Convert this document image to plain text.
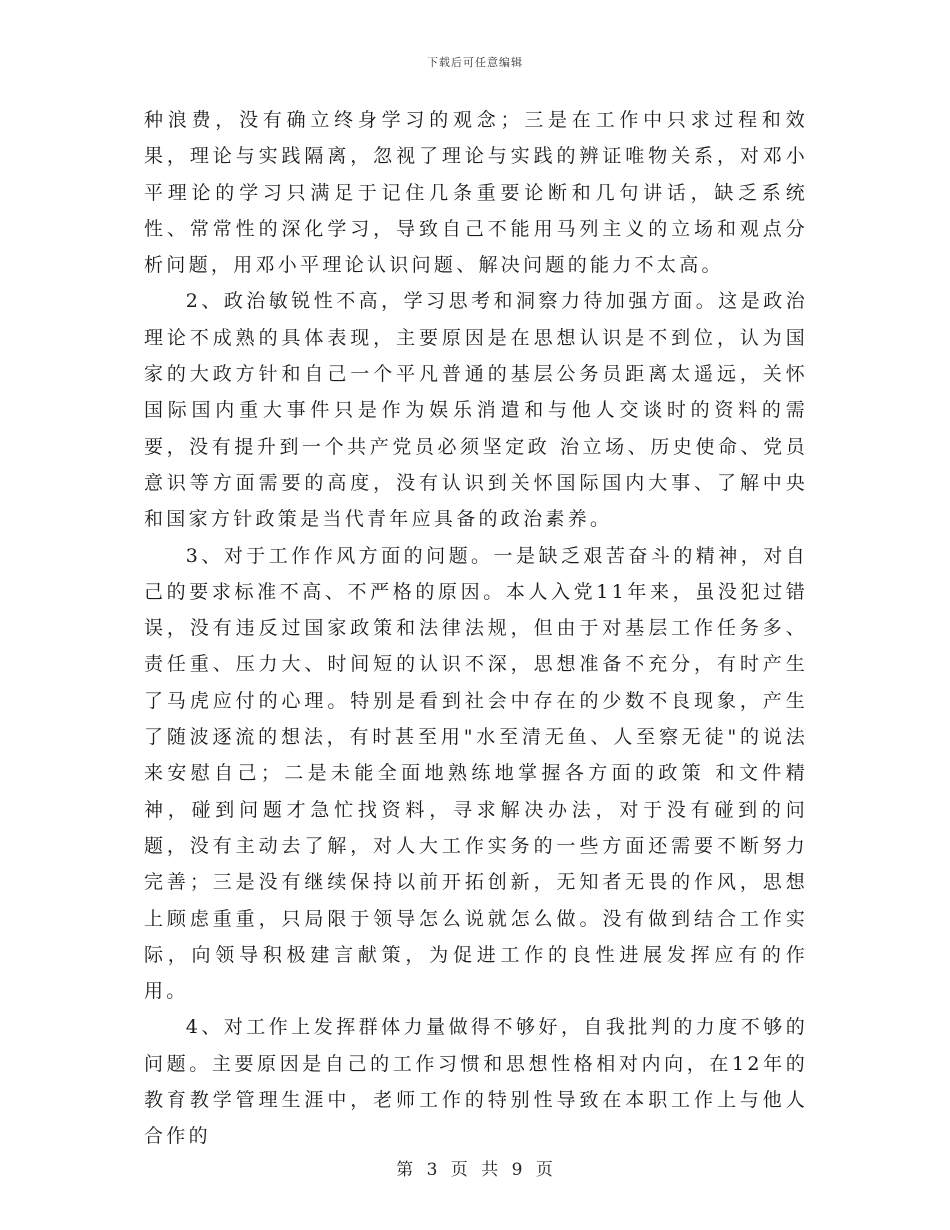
下载后可任意编辑

种浪费，没有确立终身学习的观念；三是在工作中只求过程和效果，理论与实践隔离，忽视了理论与实践的辨证唯物关系，对邓小平理论的学习只满足于记住几条重要论断和几句讲话，缺乏系统性、常常性的深化学习，导致自己不能用马列主义的立场和观点分析问题，用邓小平理论认识问题、解决问题的能力不太高。

2、政治敏锐性不高，学习思考和洞察力待加强方面。这是政治理论不成熟的具体表现，主要原因是在思想认识是不到位，认为国家的大政方针和自己一个平凡普通的基层公务员距离太遥远，关怀国际国内重大事件只是作为娱乐消遣和与他人交谈时的资料的需要，没有提升到一个共产党员必须坚定政 治立场、历史使命、党员意识等方面需要的高度，没有认识到关怀国际国内大事、了解中央和国家方针政策是当代青年应具备的政治素养。

3、对于工作作风方面的问题。一是缺乏艰苦奋斗的精神，对自己的要求标准不高、不严格的原因。本人入党11年来，虽没犯过错误，没有违反过国家政策和法律法规，但由于对基层工作任务多、责任重、压力大、时间短的认识不深，思想准备不充分，有时产生了马虎应付的心理。特别是看到社会中存在的少数不良现象，产生了随波逐流的想法，有时甚至用"水至清无鱼、人至察无徒"的说法来安慰自己；二是未能全面地熟练地掌握各方面的政策 和文件精神，碰到问题才急忙找资料，寻求解决办法，对于没有碰到的问题，没有主动去了解，对人大工作实务的一些方面还需要不断努力完善；三是没有继续保持以前开拓创新，无知者无畏的作风，思想上顾虑重重，只局限于领导怎么说就怎么做。没有做到结合工作实际，向领导积极建言献策，为促进工作的良性进展发挥应有的作用。

4、对工作上发挥群体力量做得不够好，自我批判的力度不够的问题。主要原因是自己的工作习惯和思想性格相对内向，在12年的教育教学管理生涯中，老师工作的特别性导致在本职工作上与他人合作的

第 3 页 共 9 页
